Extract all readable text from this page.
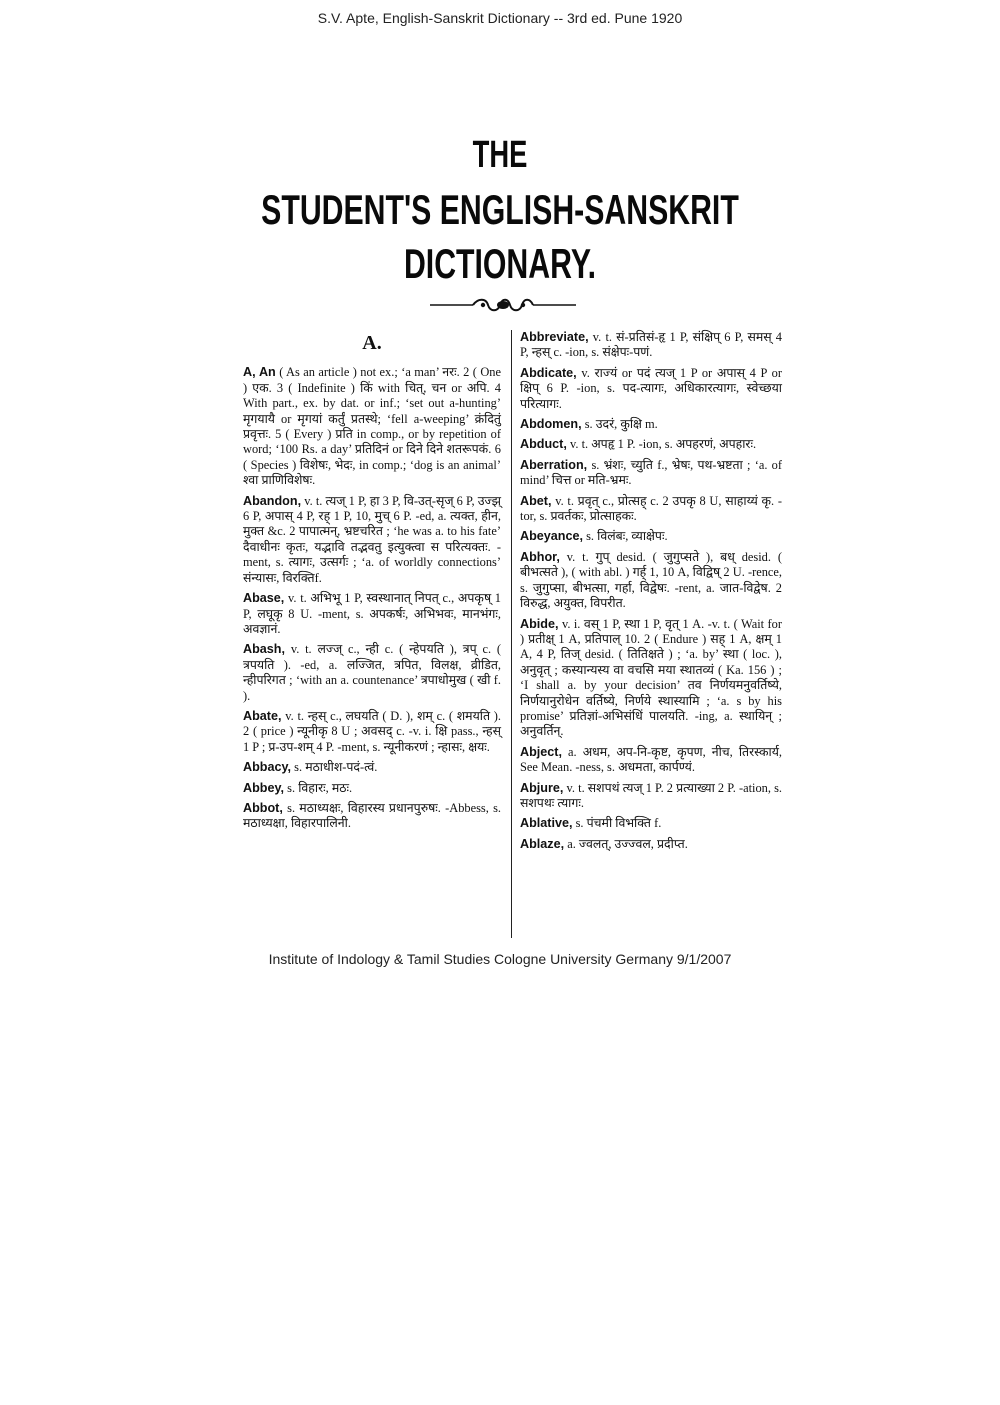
S.V. Apte, English-Sanskrit Dictionary -- 3rd ed. Pune 1920
THE
STUDENT'S ENGLISH-SANSKRIT
DICTIONARY.
A.

A, An ( As an article ) not ex.; ‘a man’ नरः. 2 ( One ) एक. 3 ( Indefinite ) किं with चित्, चन or अपि. 4 With part., ex. by dat. or inf.; ‘set out a-hunting’ मृगयायै or मृगयां कर्तुं प्रतस्थे; ‘fell a-weeping’ क्रंदितुं प्रवृत्तः. 5 ( Every ) प्रति in comp., or by repetition of word; ‘100 Rs. a day’ प्रतिदिनं or दिने दिने शतरूपकं. 6 ( Species ) विशेषः, भेदः, in comp.; ‘dog is an animal’ श्वा प्राणिविशेषः.

Abandon, v. t. त्यज् 1 P, हा 3 P, वि-उत्-सृज् 6 P, उज्झ् 6 P, अपास् 4 P, रह् 1 P, 10, मुच् 6 P. -ed, a. त्यक्त, हीन, मुक्त &c. 2 पापात्मन्, भ्रष्टचरित ; ‘he was a. to his fate’ दैवाधीनः कृतः, यद्भावि तद्भवतु इत्युक्त्वा स परित्यक्तः. -ment, s. त्यागः, उत्सर्गः ; ‘a. of worldly connections’ संन्यासः, विरक्तिf.

Abase, v. t. अभिभू 1 P, स्वस्थानात् निपत् c., अपकृष् 1 P, लघूकृ 8 U. -ment, s. अपकर्षः, अभिभवः, मानभंगः, अवज्ञानं.

Abash, v. t. लज्ज् c., न्ही c. ( न्हेपयति ), त्रप् c. ( त्रपयति ). -ed, a. लज्जित, त्रपित, विलक्ष, व्रीडित, न्हीपरिगत ; ‘with an a. countenance’ त्रपाधोमुख ( खी f. ).

Abate, v. t. न्हस् c., लघयति ( D. ), शम् c. ( शमयति ). 2 ( price ) न्यूनीकृ 8 U ; अवसद् c. -v. i. क्षि pass., न्हस् 1 P ; प्र-उप-शम् 4 P. -ment, s. न्यूनीकरणं ; न्हासः, क्षयः.

Abbacy, s. मठाधीश-पदं-त्वं.

Abbey, s. विहारः, मठः.

Abbot, s. मठाध्यक्षः, विहारस्य प्रधानपुरुषः. -Abbess, s. मठाध्यक्षा, विहारपालिनी.

Abbreviate, v. t. सं-प्रतिसं-हृ 1 P, संक्षिप् 6 P, समस् 4 P, न्हस् c. -ion, s. संक्षेपः-पणं.

Abdicate, v. राज्यं or पदं त्यज् 1 P or अपास् 4 P or क्षिप् 6 P. -ion, s. पद-त्यागः, अधिकारत्यागः, स्वेच्छया परित्यागः.

Abdomen, s. उदरं, कुक्षि m.

Abduct, v. t. अपहृ 1 P. -ion, s. अपहरणं, अपहारः.

Aberration, s. भ्रंशः, च्युति f., भ्रेषः, पथ-भ्रष्टता ; ‘a. of mind’ चित्त or मति-भ्रमः.

Abet, v. t. प्रवृत् c., प्रोत्सह् c. 2 उपकृ 8 U, साहाय्यं कृ. -tor, s. प्रवर्तकः, प्रोत्साहकः.

Abeyance, s. विलंबः, व्याक्षेपः.

Abhor, v. t. गुप् desid. ( जुगुप्सते ), बध् desid. ( बीभत्सते ), ( with abl. ) गर्ह् 1, 10 A, विद्विष् 2 U. -rence, s. जुगुप्सा, बीभत्सा, गर्हा, विद्वेषः. -rent, a. जात-विद्वेष. 2 विरुद्ध, अयुक्त, विपरीत.

Abide, v. i. वस् 1 P, स्था 1 P, वृत् 1 A. -v. t. ( Wait for ) प्रतीक्ष् 1 A, प्रतिपाल् 10. 2 ( Endure ) सह् 1 A, क्षम् 1 A, 4 P, तिज् desid. ( तितिक्षते ) ; ‘a. by’ स्था ( loc. ), अनुवृत् ; कस्यान्यस्य वा वचसि मया स्थातव्यं ( Ka. 156 ) ; ‘I shall a. by your decision’ तव निर्णयमनुवर्तिष्ये, निर्णयानुरोधेन वर्तिष्ये, निर्णये स्थास्यामि ; ‘a. s by his promise’ प्रतिज्ञां-अभिसंधिं पालयति. -ing, a. स्थायिन् ; अनुवर्तिन्.

Abject, a. अधम, अप-नि-कृष्ट, कृपण, नीच, तिरस्कार्य, See Mean. -ness, s. अधमता, कार्पण्यं.

Abjure, v. t. सशपथं त्यज् 1 P. 2 प्रत्याख्या 2 P. -ation, s. सशपथः त्यागः.

Ablative, s. पंचमी विभक्ति f.

Ablaze, a. ज्वलत्, उज्ज्वल, प्रदीप्त.

Institute of Indology & Tamil Studies Cologne University Germany 9/1/2007
